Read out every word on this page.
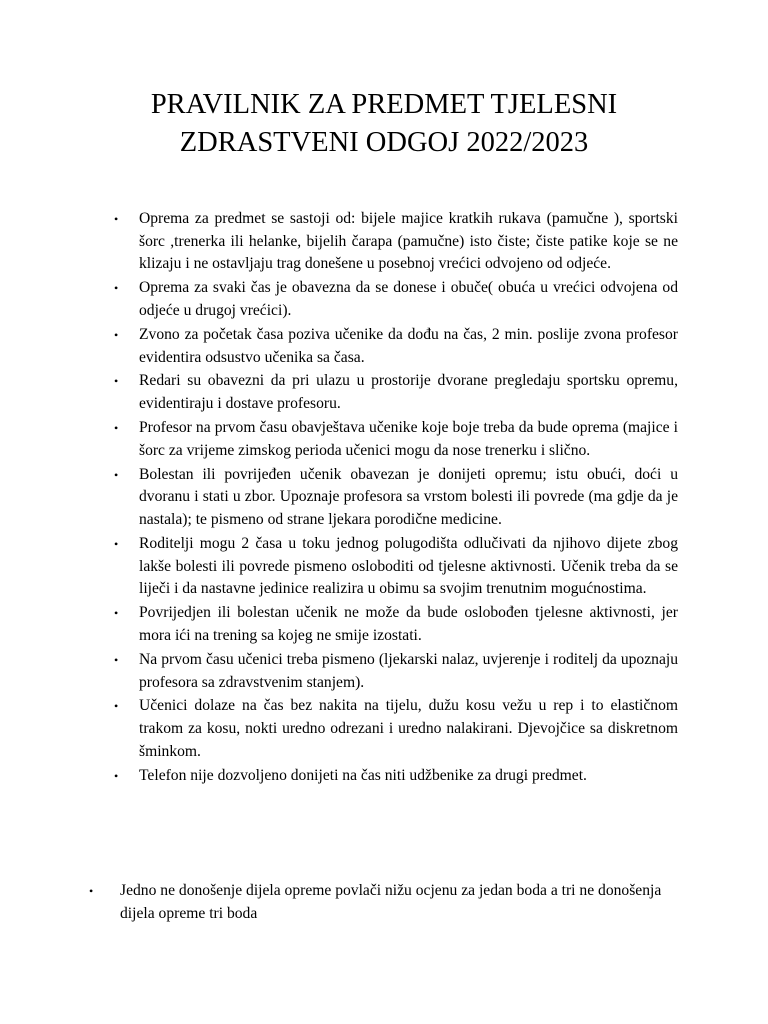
PRAVILNIK ZA PREDMET TJELESNI
ZDRASTVENI ODGOJ 2022/2023
• Oprema za predmet se sastoji od: bijele majice kratkih rukava (pamučne ), sportski šorc ,trenerka ili helanke, bijelih čarapa (pamučne) isto čiste; čiste patike koje se ne klizaju i ne ostavljaju trag donešene u posebnoj vrećici odvojeno od odjeće.
• Oprema za svaki čas je obavezna da se donese i obuče( obuća u vrećici odvojena od odjeće u drugoj vrećici).
• Zvono za početak časa poziva učenike da dođu na čas, 2 min. poslije zvona profesor evidentira odsustvo učenika sa časa.
• Redari su obavezni da pri ulazu u prostorije dvorane pregledaju sportsku opremu, evidentiraju i dostave profesoru.
• Profesor na prvom času obavještava učenike koje boje treba da bude oprema (majice i šorc za vrijeme zimskog perioda učenici mogu da nose trenerku i slično.
• Bolestan ili povrijeđen učenik obavezan je donijeti opremu; istu obući, doći u dvoranu i stati u zbor. Upoznaje profesora sa vrstom bolesti ili povrede (ma gdje da je nastala); te pismeno od strane ljekara porodične medicine.
• Roditelji mogu 2 časa u toku jednog polugodišta odlučivati da njihovo dijete zbog lakše bolesti ili povrede pismeno osloboditi od tjelesne aktivnosti. Učenik treba da se liječi i da nastavne jedinice realizira u obimu sa svojim trenutnim mogućnostima.
• Povrijedjen ili bolestan učenik ne može da bude oslobođen tjelesne aktivnosti, jer mora ići na trening sa kojeg ne smije izostati.
• Na prvom času učenici treba pismeno (ljekarski nalaz, uvjerenje i roditelj da upoznaju profesora sa zdravstvenim stanjem).
• Učenici dolaze na čas bez nakita na tijelu, dužu kosu vežu u rep i to elastičnom trakom za kosu, nokti uredno odrezani i uredno nalakirani. Djevojčice sa diskretnom šminkom.
• Telefon nije dozvoljeno donijeti na čas niti udžbenike za drugi predmet.
• Jedno ne donošenje dijela opreme povlači nižu ocjenu za jedan boda a tri ne donošenja dijela opreme tri boda
